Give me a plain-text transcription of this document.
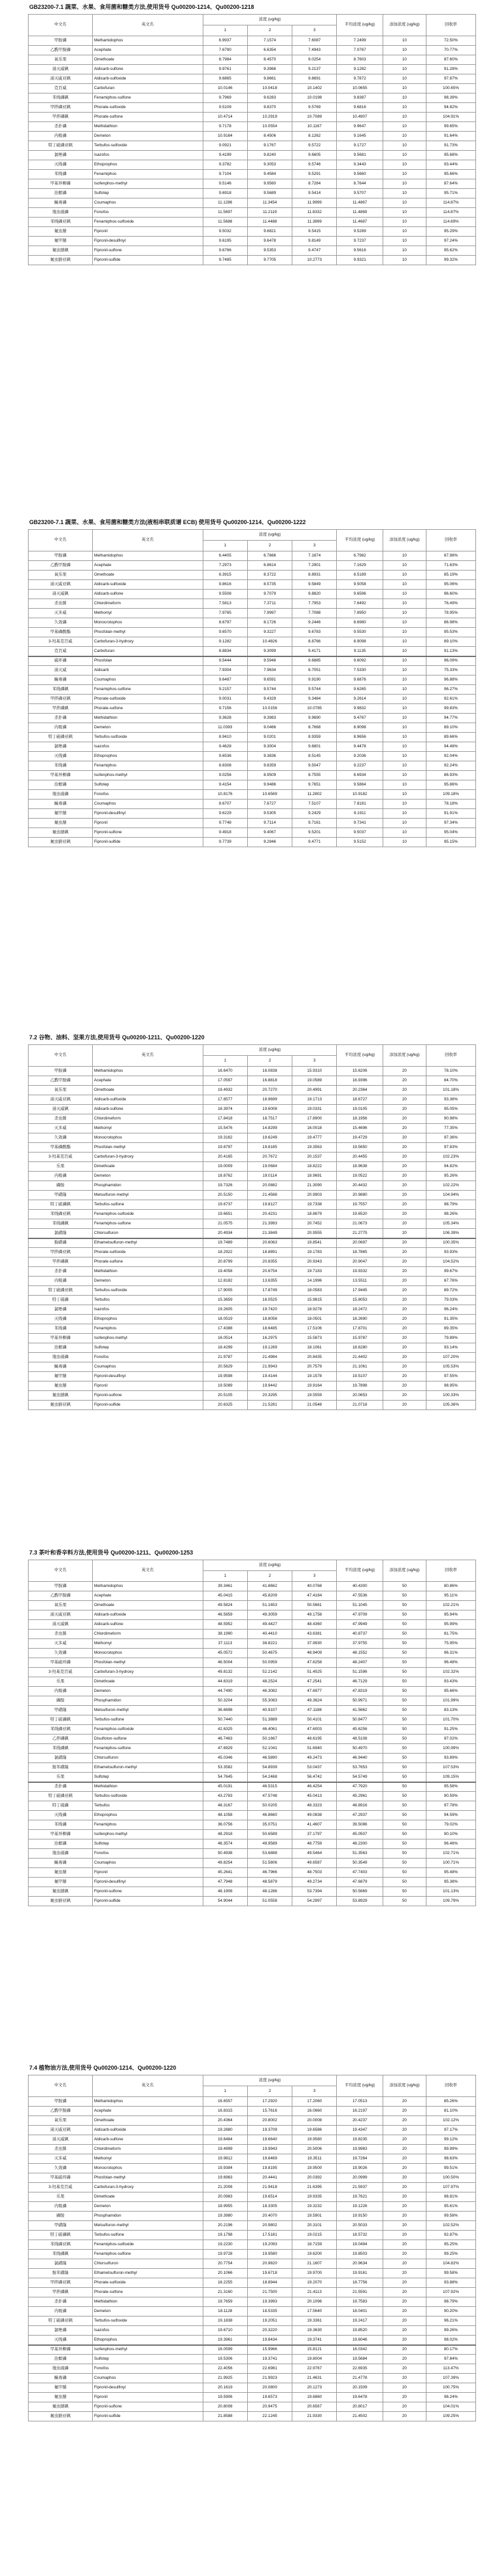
GB23200-7.1 蔬菜、水果、食用菌和糖类方法,使用货号 Qu00200-1214、Qu00200-1218
中文名	英文名	浓度 (ug/kg)			平均浓度 (ug/kg)	添加浓度 (ug/kg)	回收率
		1	2	3			
甲胺磷	Methamidophos	6.9937	7.1574	7.6087	7.2499	10	72.50%
乙酰甲胺磷	Acephate	7.6790	6.6354	7.4943	7.0767	10	70.77%
氧乐果	Omethoate	8.7984	8.4570	9.0254	8.7603	10	87.60%
涕灭威砜	Aldicarb-sulfone	9.9761	9.3968	9.2137	9.1282	10	91.28%
涕灭威亚砜	Aldicarb-sulfoxide	9.6865	9.8661	9.8691	9.7872	10	97.87%
克百威	Carbofuran	10.0146	10.0418	10.1402	10.0655	10	100.65%
苯线磷砜	Fenamiphos-sulfone	9.7969	9.6283	10.0198	9.8387	10	98.39%
甲拌磷亚砜	Phorate-sulfoxide	9.5109	9.8370	9.5769	9.6816	10	94.82%
甲拌磷砜	Phorate-sulfone	10.4714	10.2919	10.7089	10.4907	10	104.91%
杀扑磷	Methidathion	9.7178	10.0554	10.1167	9.9647	10	99.65%
内吸磷	Demeton	10.9164	8.4506	8.1262	9.1645	10	91.64%
特丁硫磷亚砜	Terbufos-sulfoxide	9.0921	9.1767	9.5722	9.1727	10	91.73%
氯唑磷	Isazofos	9.4199	9.8240	9.6605	9.5681	10	95.68%
灭线磷	Ethoprophos	9.3782	9.3053	9.5746	9.3443	10	93.44%
苯线磷	Fenamiphos	9.7104	9.4584	9.5291	9.5660	10	95.66%
甲基异柳磷	Isofenphos-methyl	9.5146	9.9560	8.7284	8.7644	10	87.64%
治螟磷	Sulfotep	9.6918	9.5689	9.5414	9.5707	10	95.71%
蝇毒磷	Coumaphos	11.1286	11.3454	11.9999	11.4867	10	114.87%
地虫硫磷	Fonofos	11.5697	11.2119	11.8332	11.4869	10	114.87%
苯线磷亚砜	Fenamiphos-sulfoxide	11.5688	11.4488	11.3899	11.4687	10	114.69%
氟虫腈	Fipronil	9.5032	9.6821	9.5415	9.5289	10	95.29%
氟甲腈	Fipronil-desulfinyl	9.6195	9.6478	9.8149	9.7237	10	97.24%
氟虫腈砜	Fipronil-sulfone	9.6766	9.5353	9.4747	9.5616	10	95.62%
氟虫腈亚砜	Fipronil-sulfide	9.7485	9.7705	10.2773	9.9321	10	99.32%
GB23200-7.1 蔬菜、水果、食用菌和糖类方法(液相串联质谱 ECB) 使用货号 Qu00200-1214、Qu00200-1222
中文名	英文名	浓度 (ug/kg)			平均浓度 (ug/kg)	添加浓度 (ug/kg)	回收率
		1	2	3			
甲胺磷	Methamidophos	6.4405	6.7666	7.1874	6.7982	10	67.98%
乙酰甲胺磷	Acephate	7.2973	6.8614	7.2901	7.1629	10	71.63%
氧乐果	Omethoate	8.3915	8.3722	8.8931	8.5189	10	85.19%
涕灭威亚砜	Aldicarb-sulfoxide	9.8616	8.5735	9.5849	9.5058	10	95.06%
涕灭威砜	Aldicarb-sulfone	9.5508	9.7079	9.8820	9.6596	10	96.60%
杀虫脒	Chlordimeform	7.5813	7.3711	7.7953	7.6492	10	76.49%
灭多威	Methomyl	7.9765	7.9997	7.7088	7.8950	10	78.95%
久效磷	Monocrotophos	8.6797	8.1726	9.2446	8.6980	10	86.98%
甲基磷酸酯	Phosfolan-methyl	9.6570	9.3227	9.6783	9.5530	10	95.53%
3-羟基克百威	Carbofuran-3-hydroxy	9.1282	10.4826	8.8766	8.9098	10	89.10%
克百威	Carbofuran	8.8834	9.3099	9.4171	9.1135	10	91.13%
硫环磷	Phosfolan	9.5444	9.5948	9.6885	9.6092	10	96.09%
涕灭威	Aldicarb	7.9304	7.9634	6.7051	7.5330	10	75.33%
蝇毒磷	Coumaphos	9.6487	9.6591	9.9190	9.6876	10	96.88%
苯线磷砜	Fenamiphos-sulfone	9.2157	9.5744	9.5744	9.6265	10	96.27%
甲拌磷亚砜	Phorate-sulfoxide	9.0031	9.4329	9.3484	9.2614	10	92.61%
甲拌磷砜	Phorate-sulfone	9.7156	10.0156	10.0785	9.9832	10	99.83%
杀扑磷	Methidathion	9.3628	9.3983	9.9690	9.4767	10	94.77%
内吸磷	Demeton	11.0393	9.0466	8.7668	8.9098	10	89.10%
特丁硫磷亚砜	Terbufos-sulfoxide	8.9410	9.0201	8.9359	8.9656	10	89.66%
氯唑磷	Isazofos	9.4628	9.3004	9.6801	9.4478	10	94.48%
灭线磷	Ethoprophos	9.6536	9.3836	8.5145	9.2036	10	92.04%
苯线磷	Fenamiphos	8.8308	9.8359	9.5047	9.2237	10	92.24%
甲基异柳磷	Isofenphos-methyl	9.0256	8.9509	8.7555	8.6934	10	86.93%
治螟磷	Sulfotep	9.4154	9.9486	9.7651	9.5864	10	95.86%
地虫硫磷	Fonofos	10.8176	10.6569	11.2802	10.9182	10	109.18%
蝇毒磷	Coumaphos	8.6707	7.6727	7.5107	7.8181	10	78.18%
氟甲腈	Fipronil-desulfinyl	9.6229	9.5305	9.2429	9.1911	10	91.91%
氟虫腈	Fipronil	9.7748	9.7114	9.7161	9.7341	10	97.34%
氟虫腈砜	Fipronil-sulfone	9.4918	9.4067	9.5201	9.5037	10	95.04%
氟虫腈亚砜	Fipronil-sulfide	9.7739	9.2946	9.4771	9.5152	10	95.15%
7.2 谷物、油料、坚果方法,使用货号 Qu00200-1211、Qu00200-1220
中文名	英文名	浓度 (ug/kg)			平均浓度 (ug/kg)	添加浓度 (ug/kg)	回收率
		1	2	3			
甲胺磷	Methamidophos	16.6470	16.0838	15.9310	15.6206	20	78.10%
乙酰甲胺磷	Acephate	17.0597	16.8818	19.0589	16.9396	20	84.70%
氧乐果	Omethoate	19.4932	20.7270	20.4991	20.2364	20	101.18%
涕灭威亚砜	Aldicarb-sulfoxide	17.8577	18.9699	19.1713	18.6727	20	93.36%
涕灭威砜	Aldicarb-sulfone	18.3974	19.6008	19.0331	19.0105	20	95.05%
杀虫脒	Chlordimeform	17.8418	18.7517	17.8900	18.1956	20	90.98%
灭多威	Methomyl	15.5476	14.8299	16.0018	15.4696	20	77.35%
久效磷	Monocrotophos	19.3162	19.6249	19.4777	19.4729	20	97.36%
甲基磷酸酯	Phosfolan-methyl	19.8797	19.8185	19.3563	19.5650	20	97.83%
3-羟基克百威	Carbofuran-3-hydroxy	20.4165	20.7672	20.1537	20.4455	20	102.23%
乐果	Dimethoate	19.0009	19.0684	18.8222	18.9638	20	94.82%
内吸磷	Demeton	18.8762	19.0114	18.9691	19.0522	20	95.26%
磷胺	Phosphamidon	19.7326	20.0882	21.3090	20.4432	20	102.22%
甲磺隆	Metsulfuron-methyl	20.5150	21.4588	20.9903	20.9880	20	104.94%
特丁硫磷砜	Terbufos-sulfone	19.6737	19.8127	19.7338	19.7557	20	98.79%
苯线磷亚砜	Fenamiphos-sulfoxide	19.6651	20.4231	18.8679	19.6520	20	98.26%
苯线磷砜	Fenamiphos-sulfone	21.0575	21.3993	20.7452	21.0673	20	105.34%
氯磺隆	Chlorsulfuron	20.4934	21.3849	20.9555	21.2775	20	106.39%
胺磺磷	Ethametsulfuron-methyl	19.7489	20.6063	19.8541	20.0697	20	100.35%
甲拌磷亚砜	Phorate-sulfoxide	18.2922	18.8891	19.1783	18.7865	20	93.93%
甲拌磷砜	Phorate-sulfone	20.8799	20.8355	20.9343	20.9047	20	104.52%
杀扑磷	Methidathion	19.4058	20.6754	19.7183	19.9332	20	99.67%
内吸磷	Demeton	12.8182	13.6355	14.1996	13.5511	20	67.76%
特丁硫磷亚砜	Terbufos-sulfoxide	17.9005	17.8749	18.0583	17.9445	20	89.72%
特丁硫磷	Terbufos	15.3659	16.0525	15.9815	15.8053	20	79.03%
氯唑磷	Isazofos	19.2605	19.7420	18.9278	19.2472	20	96.24%
灭线磷	Ethoprophos	18.0519	18.8056	18.0501	18.2690	20	91.35%
苯线磷	Fenamiphos	17.4388	18.6485	17.5106	17.8701	20	89.35%
甲基异柳磷	Isofenphos-methyl	16.0514	16.2975	15.5873	15.9787	20	79.89%
治螟磷	Sulfotep	18.4299	19.1269	18.1061	18.6280	20	93.14%
地虫硫磷	Fonofos	21.9787	21.4984	20.8435	21.4402	20	107.20%
蝇毒磷	Coumaphos	20.5629	21.9943	20.7579	21.1061	20	105.53%
氟甲腈	Fipronil-desulfinyl	19.9598	19.4144	19.1578	19.5107	20	97.55%
氟虫腈	Fipronil	19.5089	19.9442	19.9164	19.7898	20	98.95%
氟虫腈砜	Fipronil-sulfone	20.5105	20.3295	19.5559	20.0653	20	100.33%
氟虫腈亚砜	Fipronil-sulfide	20.6325	21.5281	21.0548	21.0718	20	105.36%
7.3 茶叶和香辛料方法,使用货号 Qu00200-1211、Qu00200-1253
中文名	英文名	浓度 (ug/kg)			平均浓度 (ug/kg)	添加浓度 (ug/kg)	回收率
		1	2	3			
甲胺磷	Methamidophos	39.3461	41.8662	40.0768	40.4300	50	80.86%
乙酰甲胺磷	Acephate	45.0415	45.8209	47.4184	47.5536	50	95.11%
氧乐果	Omethoate	49.5824	51.1653	50.5661	51.1045	50	102.21%
涕灭威亚砜	Aldicarb-sulfoxide	46.5859	49.3059	49.1758	47.9709	50	95.94%
涕灭威砜	Aldicarb-sulfone	48.5952	49.4427	48.4360	47.9949	50	95.99%
杀虫脒	Chlordimeform	38.1990	40.4410	43.6381	40.8737	50	81.75%
灭多威	Methomyl	37.1113	38.8221	37.9930	37.9755	50	75.95%
久效磷	Monocrotophos	45.0572	50.4675	48.9409	48.1552	50	96.31%
甲基硫环磷	Phosfolan-methyl	46.5004	50.0959	47.6258	48.2407	50	96.48%
3-羟基克百威	Carbofuran-3-hydroxy	49.8132	52.2142	51.4525	51.1596	50	102.32%
乐果	Dimethoate	44.6319	48.2524	47.2541	46.7129	50	93.43%
内吸磷	Demeton	44.7490	46.3082	47.6977	47.8319	50	95.66%
磷胺	Phosphamidon	50.3204	55.3083	49.3624	50.9971	50	101.99%
甲磺隆	Metsulfuron-methyl	36.6698	40.9107	47.1188	41.5662	50	83.13%
特丁硫磷砜	Terbufos-sulfone	50.7440	51.3889	50.4101	50.8477	50	101.70%
苯线磷亚砜	Fenamiphos-sulfoxide	42.6325	46.4061	47.6003	45.6256	50	91.25%
乙拌磷砜	Disulfoton-sulfone	46.7463	50.1667	48.6195	48.5108	50	97.02%
苯线磷砜	Fenamiphos-sulfone	47.6929	52.1041	51.6940	50.4970	50	100.99%
氯磺隆	Chlorsulfuron	45.0346	46.5890	49.2473	46.9440	50	93.89%
胺苯磺隆	Ethametsulfuron-methyl	53.3582	54.8939	53.0437	53.7653	50	107.53%
乐果	Sulfotep	54.7645	54.2468	56.4742	54.5749	50	109.15%
杀扑磷	Methidathion	45.0191	46.5315	46.4254	47.7920	50	95.58%
特丁硫磷亚砜	Terbufos-sulfoxide	43.2783	47.5748	45.0413	45.2961	50	90.59%
特丁硫磷	Terbufos	48.3167	50.0205	48.3323	48.8916	50	97.78%
灭线磷	Ethoprophos	48.1058	46.8660	49.0838	47.2937	50	94.59%
苯线磷	Fenamiphos	36.0756	35.0751	41.4607	39.5086	50	79.02%
甲基异柳磷	Isofenphos-methyl	48.2918	50.6589	37.1797	45.0507	50	90.10%
治螟磷	Sulfotep	46.3574	49.9589	48.7759	48.2300	50	96.46%
地虫硫磷	Fonofos	50.4938	53.6888	49.5464	51.3563	50	102.71%
蝇毒磷	Coumaphos	49.8254	51.5806	49.6587	50.3549	50	100.71%
氟虫腈	Fipronil	45.2641	46.7966	48.7503	47.7403	50	95.48%
氟甲腈	Fipronil-desulfinyl	47.7948	48.5879	49.2734	47.6879	50	95.38%
氟虫腈砜	Fipronil-sulfone	48.1908	48.1286	53.7394	50.5669	50	101.13%
氟虫腈亚砜	Fipronil-sulfide	54.9044	51.0558	54.2997	53.8929	50	109.79%
7.4 植物油方法,使用货号 Qu00200-1214、Qu00200-1220
中文名	英文名	浓度 (ug/kg)			平均浓度 (ug/kg)	添加浓度 (ug/kg)	回收率
		1	2	3			
甲胺磷	Methamidophos	16.6557	17.2920	17.2060	17.0513	20	85.26%
乙酰甲胺磷	Acephate	16.8315	15.7616	16.0660	16.2197	20	81.10%
氧乐果	Omethoate	20.4364	20.8002	20.0008	20.4237	20	102.12%
涕灭威亚砜	Aldicarb-sulfoxide	19.2880	19.3709	19.6586	19.4347	20	97.17%
涕灭威砜	Aldicarb-sulfone	19.8484	19.6640	19.9580	19.8235	20	99.12%
杀虫脒	Chlordimeform	19.4999	19.9943	20.5006	19.9983	20	99.99%
灭多威	Methomyl	19.9812	19.8469	19.3511	19.7264	20	98.63%
久效磷	Monocrotophos	19.9384	19.8195	19.9500	19.9026	20	99.51%
甲基硫环磷	Phosfolan-methyl	19.6963	20.4441	20.0392	20.0999	20	100.50%
3-羟基克百威	Carbofuran-3-hydroxy	21.2008	21.9418	21.6395	21.5937	20	107.97%
乐果	Dimethoate	20.0983	19.6514	19.9335	19.7621	20	98.81%
内吸磷	Demeton	18.9955	18.3305	19.3232	19.1226	20	95.61%
磷胺	Phosphamidon	19.3980	20.4070	19.5901	19.9150	20	99.58%
甲磺隆	Metsulfuron-methyl	20.2196	20.9802	20.3101	20.5033	20	102.52%
特丁硫磷砜	Terbufos-sulfone	19.1798	17.5181	19.0215	18.5732	20	92.87%
苯线磷亚砜	Fenamiphos-sulfoxide	19.2230	19.2093	18.7159	19.0494	20	95.25%
苯线磷砜	Fenamiphos-sulfone	19.9728	19.9580	19.6200	19.8503	20	99.25%
氯磺隆	Chlorsulfuron	20.7754	20.9820	21.1607	20.9634	20	104.82%
胺苯磺隆	Ethametsulfuron-methyl	20.1066	19.6718	19.9700	19.9161	20	99.58%
甲拌磷亚砜	Phorate-sulfoxide	18.2255	18.8944	19.2070	18.7756	20	93.88%
甲拌磷砜	Phorate-sulfone	21.3160	21.7500	21.4113	21.5591	20	107.92%
杀扑磷	Methidathion	19.7659	19.3993	20.1096	19.7583	20	98.79%
内吸磷	Demeton	18.1128	18.5335	17.5640	18.0401	20	90.20%
特丁硫磷亚砜	Terbufos-sulfoxide	19.1838	19.2051	19.3361	19.2417	20	96.21%
氯唑磷	Isazofos	19.6710	20.3220	19.3630	19.8520	20	99.26%
灭线磷	Ethoprophos	19.3961	19.8434	19.3741	19.6046	20	98.02%
甲基异柳磷	Isofenphos-methyl	16.0599	15.9966	15.8121	16.0342	20	80.17%
治螟磷	Sulfotep	19.5306	19.3741	19.8004	19.5684	20	97.84%
地虫硫磷	Fonofos	22.4056	22.6981	22.9767	22.6935	20	113.47%
蝇毒磷	Coumaphos	21.9925	21.9923	21.4631	21.4778	20	107.39%
氟甲腈	Fipronil-desulfinyl	20.1619	20.0800	20.1273	20.1509	20	100.75%
氟虫腈	Fipronil	19.5906	19.6573	19.6860	19.6478	20	98.24%
氟虫腈砜	Fipronil-sulfone	20.8008	20.9475	20.6567	20.8017	20	104.01%
氟虫腈亚砜	Fipronil-sulfide	21.8588	22.1245	21.9330	21.4502	20	109.25%
